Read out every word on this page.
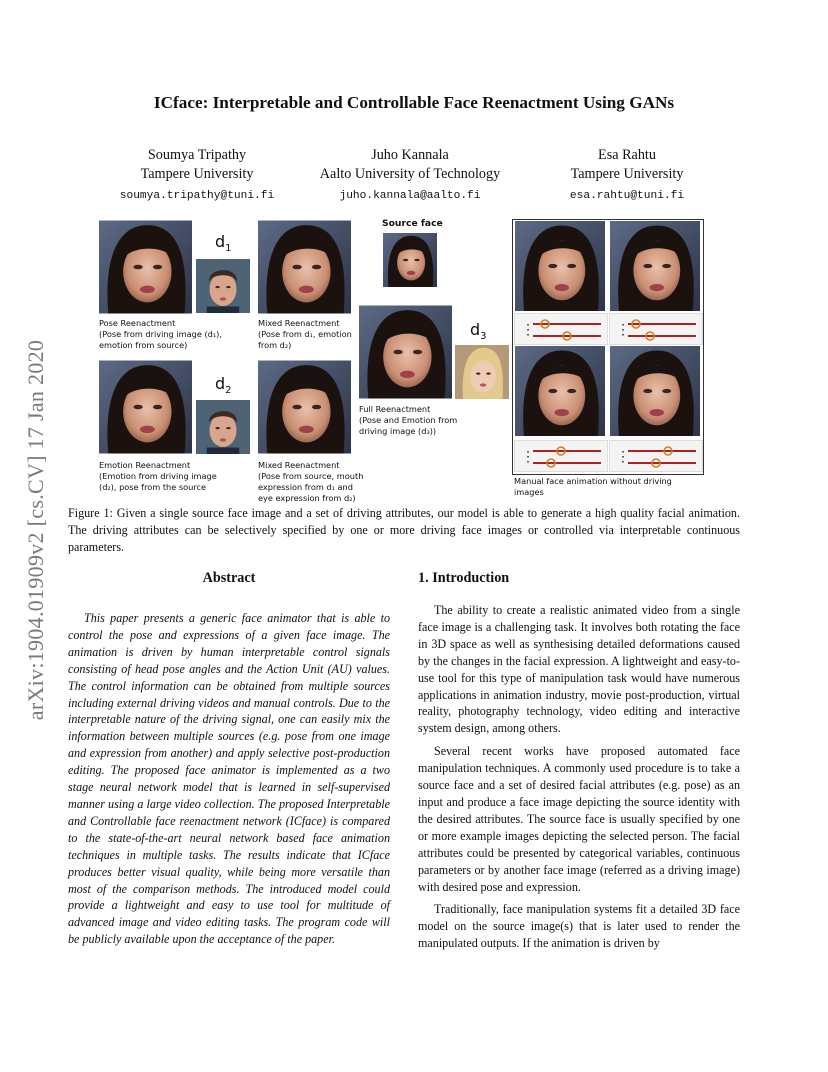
ICface: Interpretable and Controllable Face Reenactment Using GANs
Soumya Tripathy
Tampere University
soumya.tripathy@tuni.fi
Juho Kannala
Aalto University of Technology
juho.kannala@aalto.fi
Esa Rahtu
Tampere University
esa.rahtu@tuni.fi
arXiv:1904.01909v2 [cs.CV] 17 Jan 2020
$d_1$
Pose Reenactment
(Pose from driving image (d₁),
emotion from source)
Mixed Reenactment
(Pose from d₁, emotion
from d₂)
Source face
$d_3$
Full Reenactment
(Pose and Emotion from
driving image (d₃))
$d_2$
Emotion Reenactment
(Emotion from driving image
(d₂), pose from the source
Mixed Reenactment
(Pose from source, mouth
expression from d₁ and
eye expression from d₂)
⋮	⋮
⋮	⋮
Manual face animation without driving
images
Figure 1: Given a single source face image and a set of driving attributes, our model is able to generate a high quality facial animation. The driving attributes can be selectively specified by one or more driving face images or controlled via interpretable continuous parameters.
Abstract

This paper presents a generic face animator that is able to control the pose and expressions of a given face image. The animation is driven by human interpretable control signals consisting of head pose angles and the Action Unit (AU) values. The control information can be obtained from multiple sources including external driving videos and manual controls. Due to the interpretable nature of the driving signal, one can easily mix the information between multiple sources (e.g. pose from one image and expression from another) and apply selective post-production editing. The proposed face animator is implemented as a two stage neural network model that is learned in self-supervised manner using a large video collection. The proposed Interpretable and Controllable face reenactment network (ICface) is compared to the state-of-the-art neural network based face animation techniques in multiple tasks. The results indicate that ICface produces better visual quality, while being more versatile than most of the comparison methods. The introduced model could provide a lightweight and easy to use tool for multitude of advanced image and video editing tasks. The program code will be publicly available upon the acceptance of the paper.

1. Introduction

The ability to create a realistic animated video from a single face image is a challenging task. It involves both rotating the face in 3D space as well as synthesising detailed deformations caused by the changes in the facial expression. A lightweight and easy-to-use tool for this type of manipulation task would have numerous applications in animation industry, movie post-production, virtual reality, photography technology, video editing and interactive system design, among others.

Several recent works have proposed automated face manipulation techniques. A commonly used procedure is to take a source face and a set of desired facial attributes (e.g. pose) as an input and produce a face image depicting the source identity with the desired attributes. The source face is usually specified by one or more example images depicting the selected person. The facial attributes could be presented by categorical variables, continuous parameters or by another face image (referred as a driving image) with desired pose and expression.

Traditionally, face manipulation systems fit a detailed 3D face model on the source image(s) that is later used to render the manipulated outputs. If the animation is driven by
